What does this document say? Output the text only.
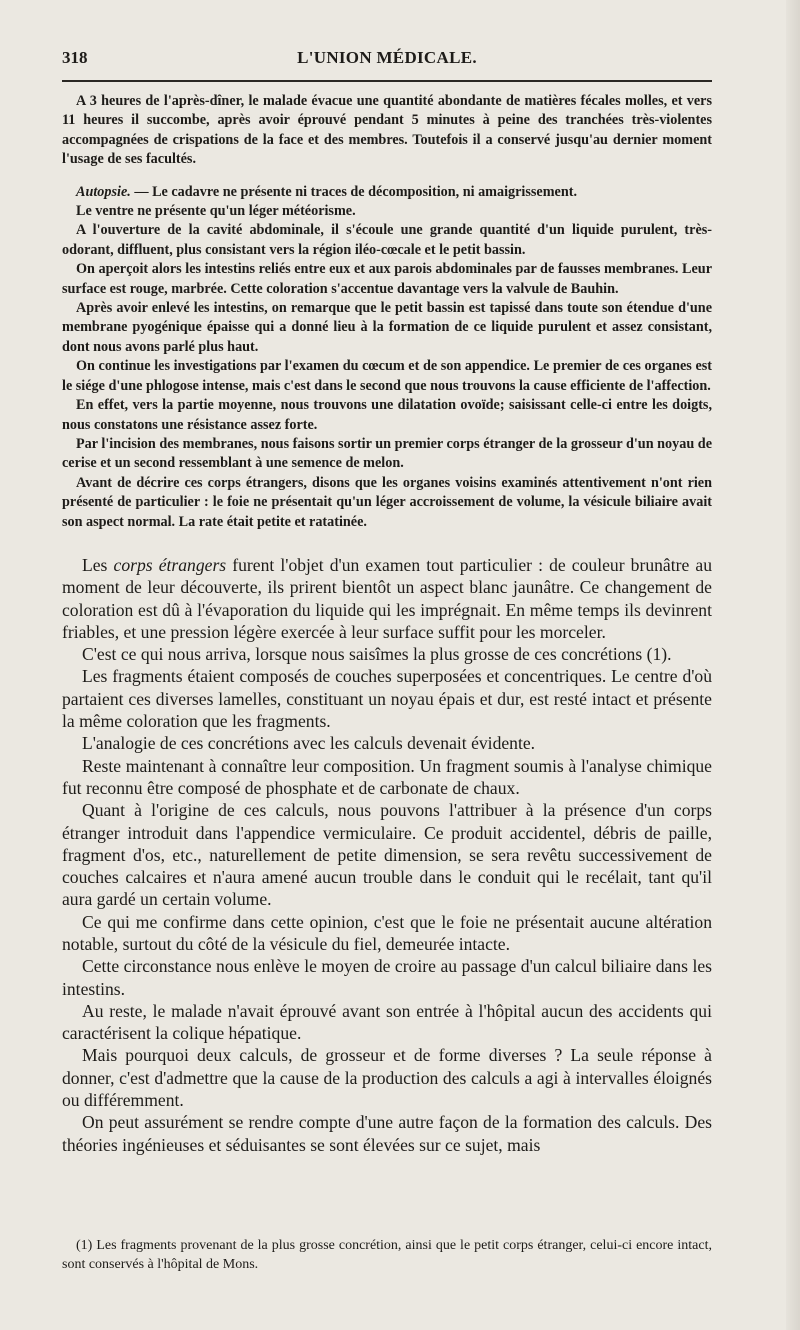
318	L'UNION MÉDICALE.

A 3 heures de l'après-dîner, le malade évacue une quantité abondante de matières fécales molles, et vers 11 heures il succombe, après avoir éprouvé pendant 5 minutes à peine des tranchées très-violentes accompagnées de crispations de la face et des membres. Toutefois il a conservé jusqu'au dernier moment l'usage de ses facultés.

Autopsie. — Le cadavre ne présente ni traces de décomposition, ni amaigrissement.

Le ventre ne présente qu'un léger météorisme.

A l'ouverture de la cavité abdominale, il s'écoule une grande quantité d'un liquide purulent, très-odorant, diffluent, plus consistant vers la région iléo-cœcale et le petit bassin.

On aperçoit alors les intestins reliés entre eux et aux parois abdominales par de fausses membranes. Leur surface est rouge, marbrée. Cette coloration s'accentue davantage vers la valvule de Bauhin.

Après avoir enlevé les intestins, on remarque que le petit bassin est tapissé dans toute son étendue d'une membrane pyogénique épaisse qui a donné lieu à la formation de ce liquide purulent et assez consistant, dont nous avons parlé plus haut.

On continue les investigations par l'examen du cœcum et de son appendice. Le premier de ces organes est le siége d'une phlogose intense, mais c'est dans le second que nous trouvons la cause efficiente de l'affection.

En effet, vers la partie moyenne, nous trouvons une dilatation ovoïde; saisissant celle-ci entre les doigts, nous constatons une résistance assez forte.

Par l'incision des membranes, nous faisons sortir un premier corps étranger de la grosseur d'un noyau de cerise et un second ressemblant à une semence de melon.

Avant de décrire ces corps étrangers, disons que les organes voisins examinés attentivement n'ont rien présenté de particulier : le foie ne présentait qu'un léger accroissement de volume, la vésicule biliaire avait son aspect normal. La rate était petite et ratatinée.

Les corps étrangers furent l'objet d'un examen tout particulier : de couleur brunâtre au moment de leur découverte, ils prirent bientôt un aspect blanc jaunâtre. Ce changement de coloration est dû à l'évaporation du liquide qui les imprégnait. En même temps ils devinrent friables, et une pression légère exercée à leur surface suffit pour les morceler.

C'est ce qui nous arriva, lorsque nous saisîmes la plus grosse de ces concrétions (1).

Les fragments étaient composés de couches superposées et concentriques. Le centre d'où partaient ces diverses lamelles, constituant un noyau épais et dur, est resté intact et présente la même coloration que les fragments.

L'analogie de ces concrétions avec les calculs devenait évidente.

Reste maintenant à connaître leur composition. Un fragment soumis à l'analyse chimique fut reconnu être composé de phosphate et de carbonate de chaux.

Quant à l'origine de ces calculs, nous pouvons l'attribuer à la présence d'un corps étranger introduit dans l'appendice vermiculaire. Ce produit accidentel, débris de paille, fragment d'os, etc., naturellement de petite dimension, se sera revêtu successivement de couches calcaires et n'aura amené aucun trouble dans le conduit qui le recélait, tant qu'il aura gardé un certain volume.

Ce qui me confirme dans cette opinion, c'est que le foie ne présentait aucune altération notable, surtout du côté de la vésicule du fiel, demeurée intacte.

Cette circonstance nous enlève le moyen de croire au passage d'un calcul biliaire dans les intestins.

Au reste, le malade n'avait éprouvé avant son entrée à l'hôpital aucun des accidents qui caractérisent la colique hépatique.

Mais pourquoi deux calculs, de grosseur et de forme diverses ? La seule réponse à donner, c'est d'admettre que la cause de la production des calculs a agi à intervalles éloignés ou différemment.

On peut assurément se rendre compte d'une autre façon de la formation des calculs. Des théories ingénieuses et séduisantes se sont élevées sur ce sujet, mais

(1) Les fragments provenant de la plus grosse concrétion, ainsi que le petit corps étranger, celui-ci encore intact, sont conservés à l'hôpital de Mons.
